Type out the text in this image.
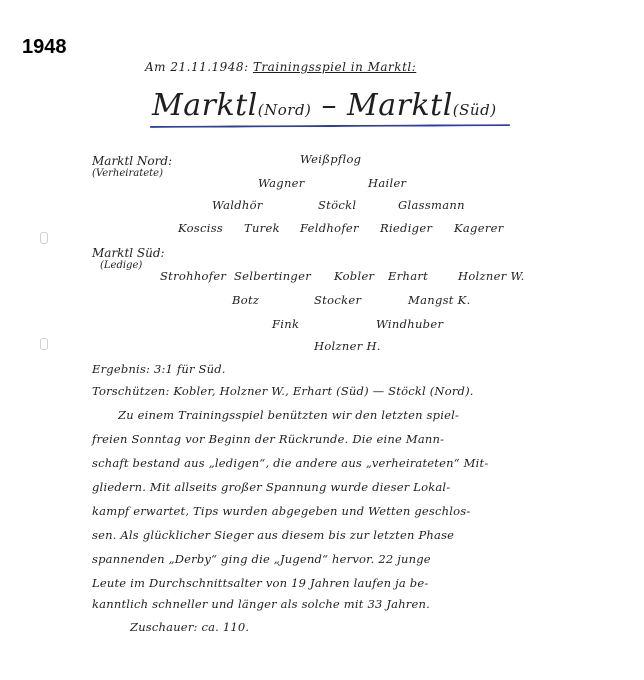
1948
Am 21.11.1948: Trainingsspiel in Marktl:
Marktl(Nord) – Marktl(Süd)
Marktl Nord:
(Verheiratete)
Weißpflog
Wagner	Hailer
Waldhör	Stöckl	Glassmann
Kosciss Turek Feldhofer Riediger Kagerer
Marktl Süd:
(Ledige)
Strohhofer Selbertinger Kobler Erhart	Holzner W.
Botz	Stocker	Mangst K.
Fink	Windhuber
Holzner H.
Ergebnis: 3:1 für Süd.
Torschützen: Kobler, Holzner W., Erhart (Süd) — Stöckl (Nord).
Zu einem Trainingsspiel benützten wir den letzten spiel-
freien Sonntag vor Beginn der Rückrunde. Die eine Mann-
schaft bestand aus „ledigen“, die andere aus „verheirateten“ Mit-
gliedern. Mit allseits großer Spannung wurde dieser Lokal-
kampf erwartet, Tips wurden abgegeben und Wetten geschlos-
sen. Als glücklicher Sieger aus diesem bis zur letzten Phase
spannenden „Derby“ ging die „Jugend“ hervor. 22 junge
Leute im Durchschnittsalter von 19 Jahren laufen ja be-
kanntlich schneller und länger als solche mit 33 Jahren.
Zuschauer: ca. 110.
